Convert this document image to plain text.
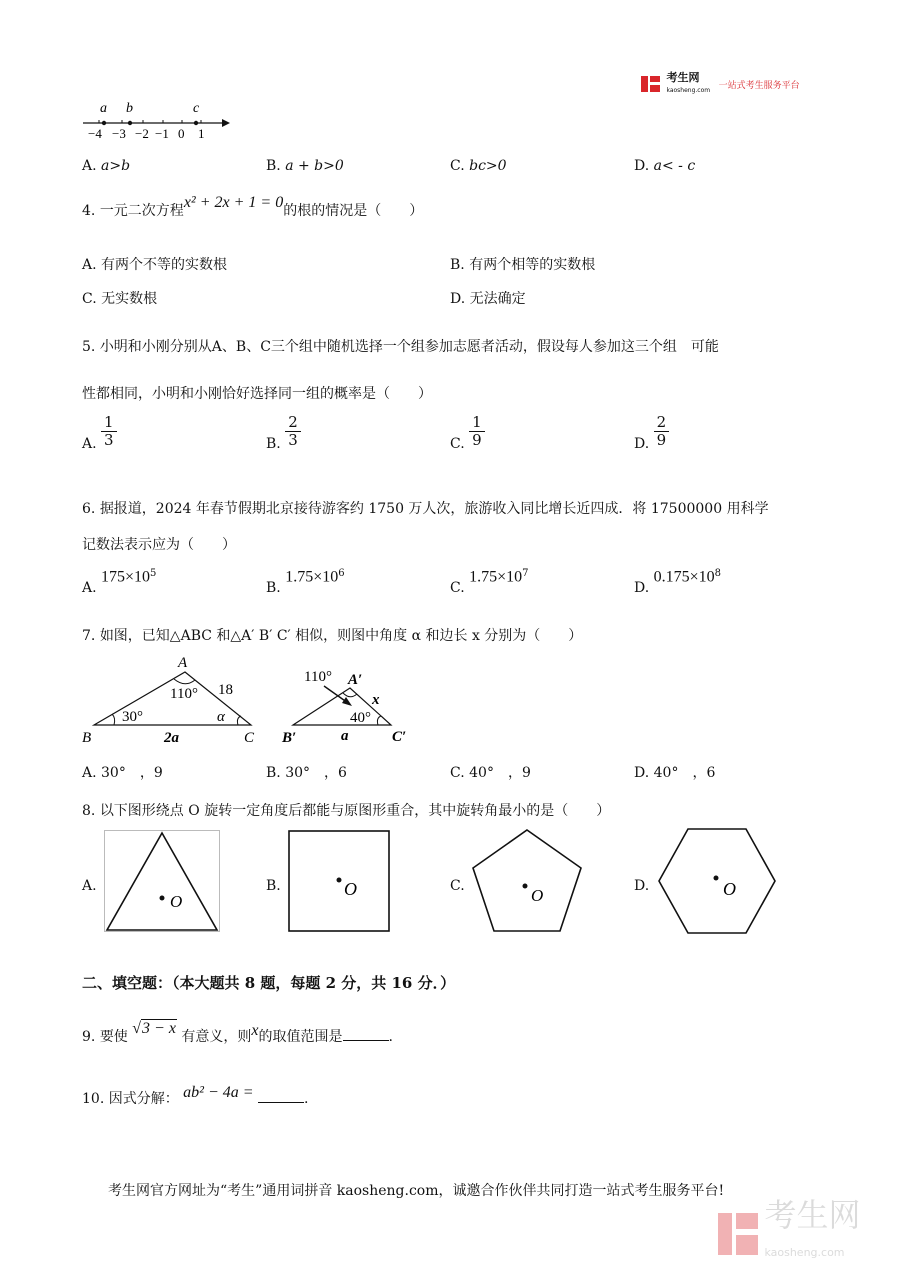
考生网
kaosheng.com 一站式考生服务平台
a b	c
−4 −3 −2 −1 0 1
A. a>b	B. a + b>0	C. bc>0	D. a< - c
4. 一元二次方程x² + 2x + 1 = 0的根的情况是（　　）
A. 有两个不等的实数根	B. 有两个相等的实数根
C. 无实数根	D. 无法确定
5. 小明和小刚分别从A、B、C三个组中随机选择一个组参加志愿者活动，假设每人参加这三个组　可能
性都相同，小明和小刚恰好选择同一组的概率是（　　）
A. $\frac{1}{3}$	B. $\frac{2}{3}$	C. $\frac{1}{9}$	D. $\frac{2}{9}$
6. 据报道，2024 年春节假期北京接待游客约 1750 万人次，旅游收入同比增长近四成．将 17500000 用科学
记数法表示应为（　　）
A. $175\times 10^5$
B. $1.75\times 10^6$
C. $1.75\times 10^7$
D. $0.175\times 10^8$
7. 如图，已知△ABC 和△A′ B′ C′ 相似，则图中角度 α 和边长 x 分别为（　　）
A
110° 18
30°	α
B	2a	C
110° A′
x
40°
B′	a	C′
A. 30°　，9	B. 30°　，6	C. 40°　，9	D. 40°　，6
8. 以下图形绕点 O 旋转一定角度后都能与原图形重合，其中旋转角最小的是（　　）
A.
O
B.	O	C.	O	D.	O
二、填空题：（本大题共 8 题，每题 2 分，共 16 分．）
9. 要使 √3 − x 有意义，则x的取值范围是	.
10. 因式分解： ab² − 4a =	.
考生网官方网址为“考生”通用词拼音 kaosheng.com，诚邀合作伙伴共同打造一站式考生服务平台!
考生网
kaosheng.com
